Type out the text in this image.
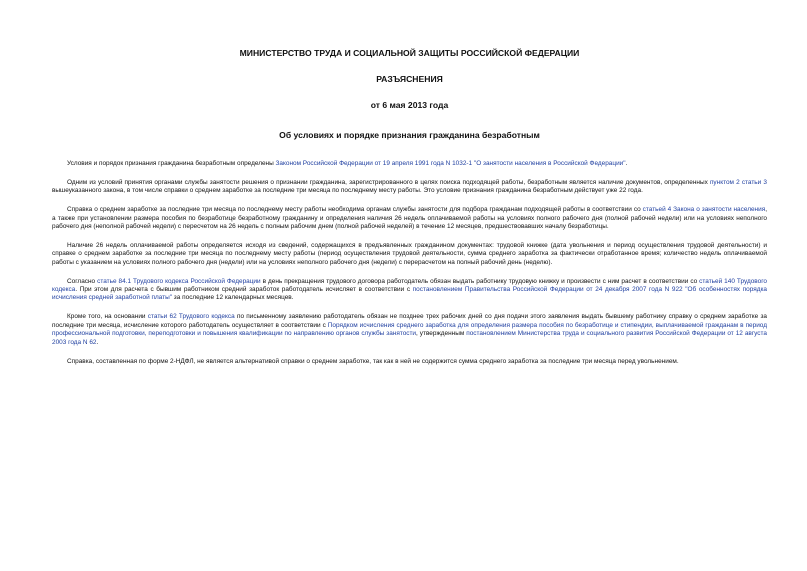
МИНИСТЕРСТВО ТРУДА И СОЦИАЛЬНОЙ ЗАЩИТЫ РОССИЙСКОЙ ФЕДЕРАЦИИ
РАЗЪЯСНЕНИЯ
от 6 мая 2013 года
Об условиях и порядке признания гражданина безработным

Условия и порядок признания гражданина безработным определены Законом Российской Федерации от 19 апреля 1991 года N 1032-1 "О занятости населения в Российской Федерации".

Одним из условий принятия органами службы занятости решения о признании гражданина, зарегистрированного в целях поиска подходящей работы, безработным является наличие документов, определенных пунктом 2 статьи 3 вышеуказанного закона, в том числе справки о среднем заработке за последние три месяца по последнему месту работы. Это условие признания гражданина безработным действует уже 22 года.

Справка о среднем заработке за последние три месяца по последнему месту работы необходима органам службы занятости для подбора гражданам подходящей работы в соответствии со статьей 4 Закона о занятости населения, а также при установлении размера пособия по безработице безработному гражданину и определения наличия 26 недель оплачиваемой работы на условиях полного рабочего дня (полной рабочей недели) или на условиях неполного рабочего дня (неполной рабочей недели) с пересчетом на 26 недель с полным рабочим днем (полной рабочей неделей) в течение 12 месяцев, предшествовавших началу безработицы.

Наличие 26 недель оплачиваемой работы определяется исходя из сведений, содержащихся в предъявленных гражданином документах: трудовой книжке (дата увольнения и период осуществления трудовой деятельности) и справке о среднем заработке за последние три месяца по последнему месту работы (период осуществления трудовой деятельности, сумма среднего заработка за фактически отработанное время; количество недель оплачиваемой работы с указанием на условиях полного рабочего дня (недели) или на условиях неполного рабочего дня (недели) с перерасчетом на полный рабочий день (неделю).

Согласно статье 84.1 Трудового кодекса Российской Федерации в день прекращения трудового договора работодатель обязан выдать работнику трудовую книжку и произвести с ним расчет в соответствии со статьей 140 Трудового кодекса. При этом для расчета с бывшим работником средний заработок работодатель исчисляет в соответствии с постановлением Правительства Российской Федерации от 24 декабря 2007 года N 922 "Об особенностях порядка исчисления средней заработной платы" за последние 12 календарных месяцев.

Кроме того, на основании статьи 62 Трудового кодекса по письменному заявлению работодатель обязан не позднее трех рабочих дней со дня подачи этого заявления выдать бывшему работнику справку о среднем заработке за последние три месяца, исчисление которого работодатель осуществляет в соответствии с Порядком исчисления среднего заработка для определения размера пособия по безработице и стипендии, выплачиваемой гражданам в период профессиональной подготовки, переподготовки и повышения квалификации по направлению органов службы занятости, утвержденным постановлением Министерства труда и социального развития Российской Федерации от 12 августа 2003 года N 62.

Справка, составленная по форме 2-НДФЛ, не является альтернативой справки о среднем заработке, так как в ней не содержится сумма среднего заработка за последние три месяца перед увольнением.
